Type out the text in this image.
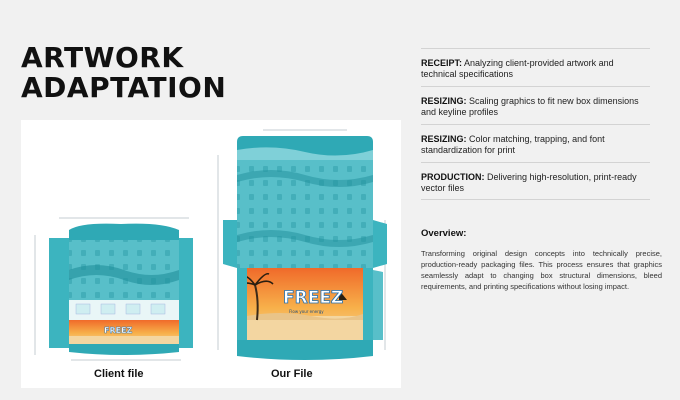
ARTWORK
ADAPTATION
FREEZ
FREEZ
Flow your energy
Client file	Our File
RECEIPT: Analyzing client-provided artwork and technical specifications
RESIZING: Scaling graphics to fit new box dimensions and keyline profiles
RESIZING: Color matching, trapping, and font standardization for print
PRODUCTION: Delivering high-resolution, print-ready vector files
Overview:

Transforming original design concepts into technically precise, production-ready packaging files. This process ensures that graphics seamlessly adapt to changing box structural dimensions, bleed requirements, and printing specifications without losing impact.
